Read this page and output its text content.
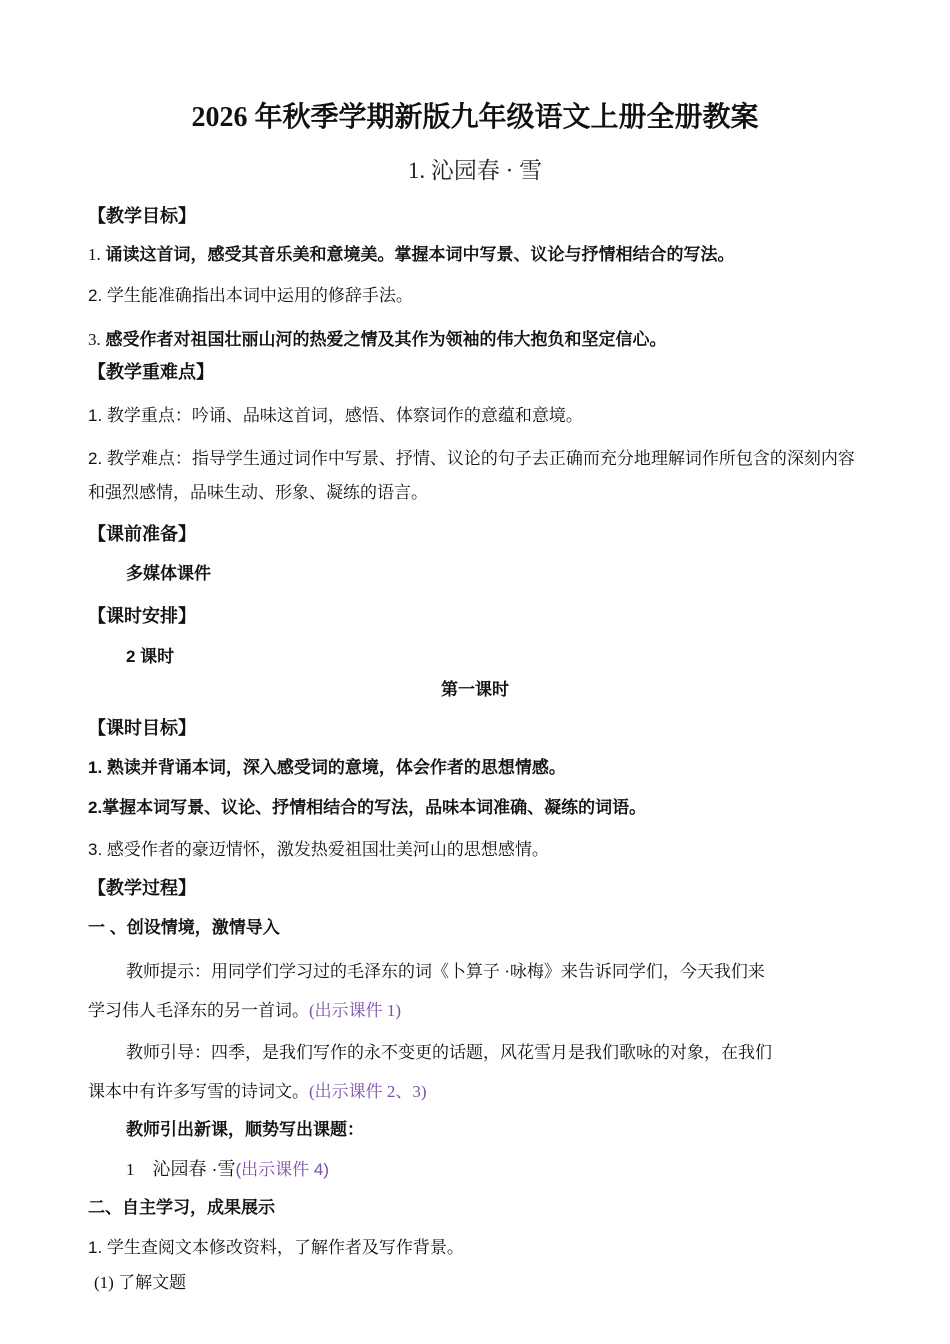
2026 年秋季学期新版九年级语文上册全册教案
1. 沁园春 · 雪
【教学目标】
1. 诵读这首词，感受其音乐美和意境美。掌握本词中写景、议论与抒情相结合的写法。
2. 学生能准确指出本词中运用的修辞手法。
3. 感受作者对祖国壮丽山河的热爱之情及其作为领袖的伟大抱负和坚定信心。
【教学重难点】
1. 教学重点：吟诵、品味这首词，感悟、体察词作的意蕴和意境。
2. 教学难点：指导学生通过词作中写景、抒情、议论的句子去正确而充分地理解词作所包含的深刻内容和强烈感情，品味生动、形象、凝练的语言。
【课前准备】
多媒体课件
【课时安排】
2 课时
第一课时
【课时目标】
1. 熟读并背诵本词，深入感受词的意境，体会作者的思想情感。
2.掌握本词写景、议论、抒情相结合的写法，品味本词准确、凝练的词语。
3. 感受作者的豪迈情怀，激发热爱祖国壮美河山的思想感情。
【教学过程】
一 、创设情境，激情导入
教师提示：用同学们学习过的毛泽东的词《卜算子 ·咏梅》来告诉同学们，今天我们来
学习伟人毛泽东的另一首词。(出示课件 1)
教师引导：四季，是我们写作的永不变更的话题，风花雪月是我们歌咏的对象，在我们
课本中有许多写雪的诗词文。(出示课件 2、3)
教师引出新课，顺势写出课题：
1 沁园春 ·雪(出示课件 4)
二、自主学习，成果展示
1. 学生查阅文本修改资料，了解作者及写作背景。
(1) 了解文题
